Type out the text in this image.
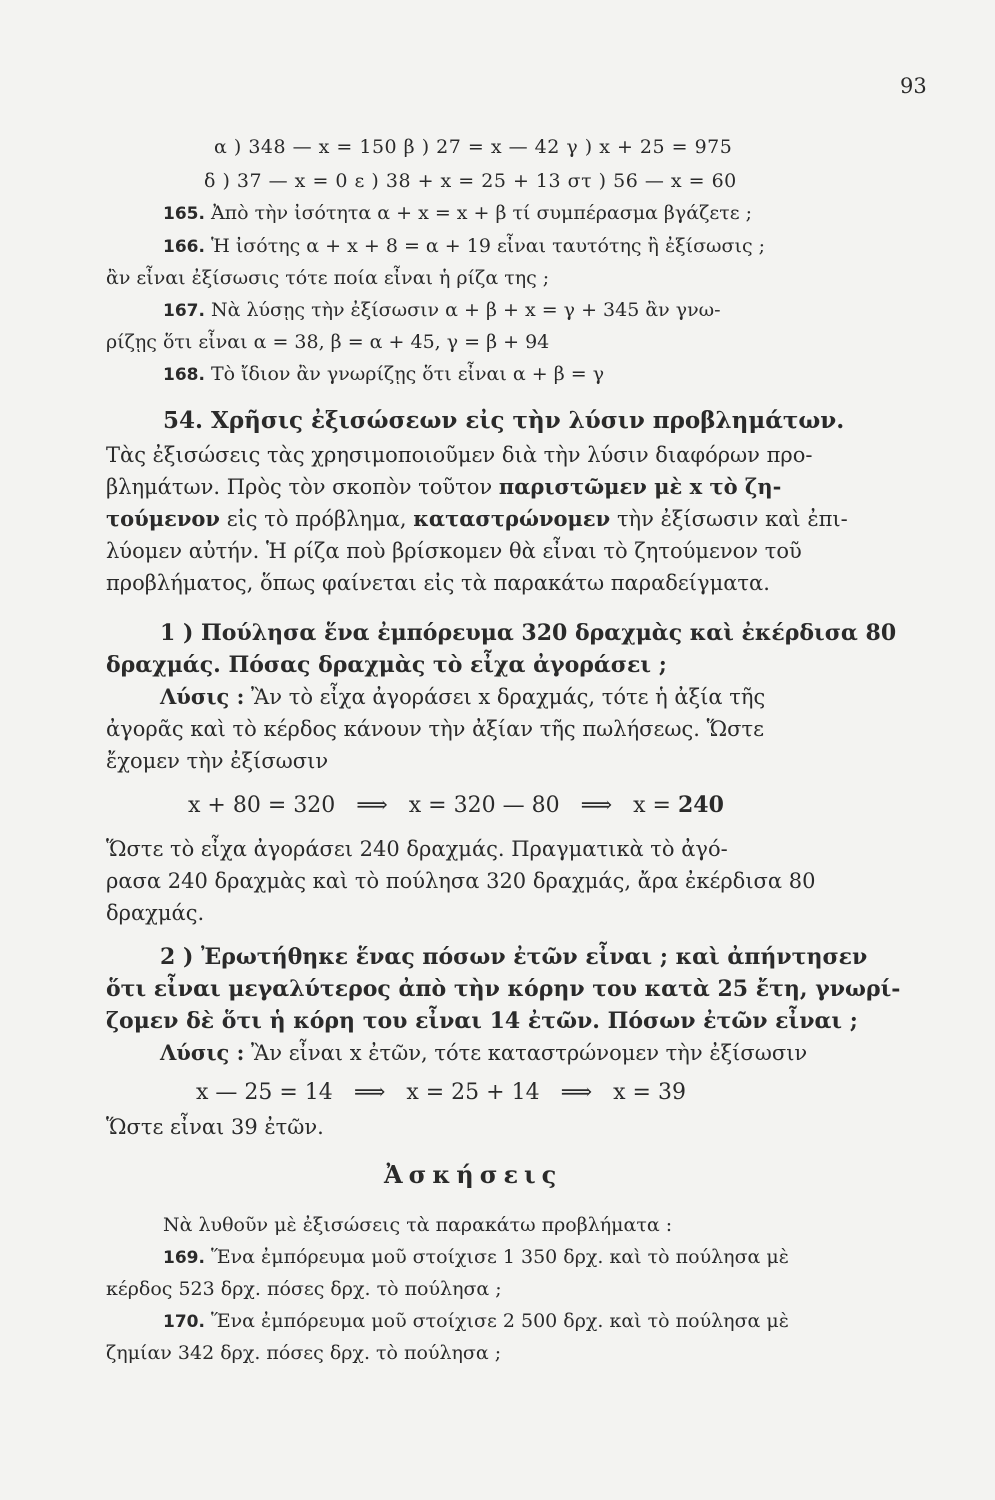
93
α ) 348 — x = 150 β ) 27 = x — 42 γ ) x + 25 = 975
δ ) 37 — x = 0 ε ) 38 + x = 25 + 13 στ ) 56 — x = 60
165. Ἀπὸ τὴν ἰσότητα α + x = x + β τί συμπέρασμα βγάζετε ;
166. Ἡ ἰσότης α + x + 8 = α + 19 εἶναι ταυτότης ἢ ἐξίσωσις ;
ἂν εἶναι ἐξίσωσις τότε ποία εἶναι ἡ ρίζα της ;
167. Νὰ λύσῃς τὴν ἐξίσωσιν α + β + x = γ + 345 ἂν γνω-
ρίζῃς ὅτι εἶναι α = 38, β = α + 45, γ = β + 94
168. Τὸ ἴδιον ἂν γνωρίζῃς ὅτι εἶναι α + β = γ
54. Χρῆσις ἐξισώσεων εἰς τὴν λύσιν προβλημάτων.
Τὰς ἐξισώσεις τὰς χρησιμοποιοῦμεν διὰ τὴν λύσιν διαφόρων προ-
βλημάτων. Πρὸς τὸν σκοπὸν τοῦτον παριστῶμεν μὲ x τὸ ζη-
τούμενον εἰς τὸ πρόβλημα, καταστρώνομεν τὴν ἐξίσωσιν καὶ ἐπι-
λύομεν αὐτήν. Ἡ ρίζα ποὺ βρίσκομεν θὰ εἶναι τὸ ζητούμενον τοῦ
προβλήματος, ὅπως φαίνεται εἰς τὰ παρακάτω παραδείγματα.
1 ) Πούλησα ἕνα ἐμπόρευμα 320 δραχμὰς καὶ ἐκέρδισα 80
δραχμάς. Πόσας δραχμὰς τὸ εἶχα ἀγοράσει ;
Λύσις : Ἂν τὸ εἶχα ἀγοράσει x δραχμάς, τότε ἡ ἀξία τῆς
ἀγορᾶς καὶ τὸ κέρδος κάνουν τὴν ἀξίαν τῆς πωλήσεως. Ὥστε
ἔχομεν τὴν ἐξίσωσιν
x + 80 = 320 ⟹ x = 320 — 80 ⟹ x = 240
Ὥστε τὸ εἶχα ἀγοράσει 240 δραχμάς. Πραγματικὰ τὸ ἀγό-
ρασα 240 δραχμὰς καὶ τὸ πούλησα 320 δραχμάς, ἄρα ἐκέρδισα 80
δραχμάς.
2 ) Ἐρωτήθηκε ἕνας πόσων ἐτῶν εἶναι ; καὶ ἀπήντησεν
ὅτι εἶναι μεγαλύτερος ἀπὸ τὴν κόρην του κατὰ 25 ἔτη, γνωρί-
ζομεν δὲ ὅτι ἡ κόρη του εἶναι 14 ἐτῶν. Πόσων ἐτῶν εἶναι ;
Λύσις : Ἂν εἶναι x ἐτῶν, τότε καταστρώνομεν τὴν ἐξίσωσιν
x — 25 = 14 ⟹ x = 25 + 14 ⟹ x = 39
Ὥστε εἶναι 39 ἐτῶν.
Ἀσκήσεις
Νὰ λυθοῦν μὲ ἐξισώσεις τὰ παρακάτω προβλήματα :
169. Ἕνα ἐμπόρευμα μοῦ στοίχισε 1 350 δρχ. καὶ τὸ πούλησα μὲ
κέρδος 523 δρχ. πόσες δρχ. τὸ πούλησα ;
170. Ἕνα ἐμπόρευμα μοῦ στοίχισε 2 500 δρχ. καὶ τὸ πούλησα μὲ
ζημίαν 342 δρχ. πόσες δρχ. τὸ πούλησα ;
